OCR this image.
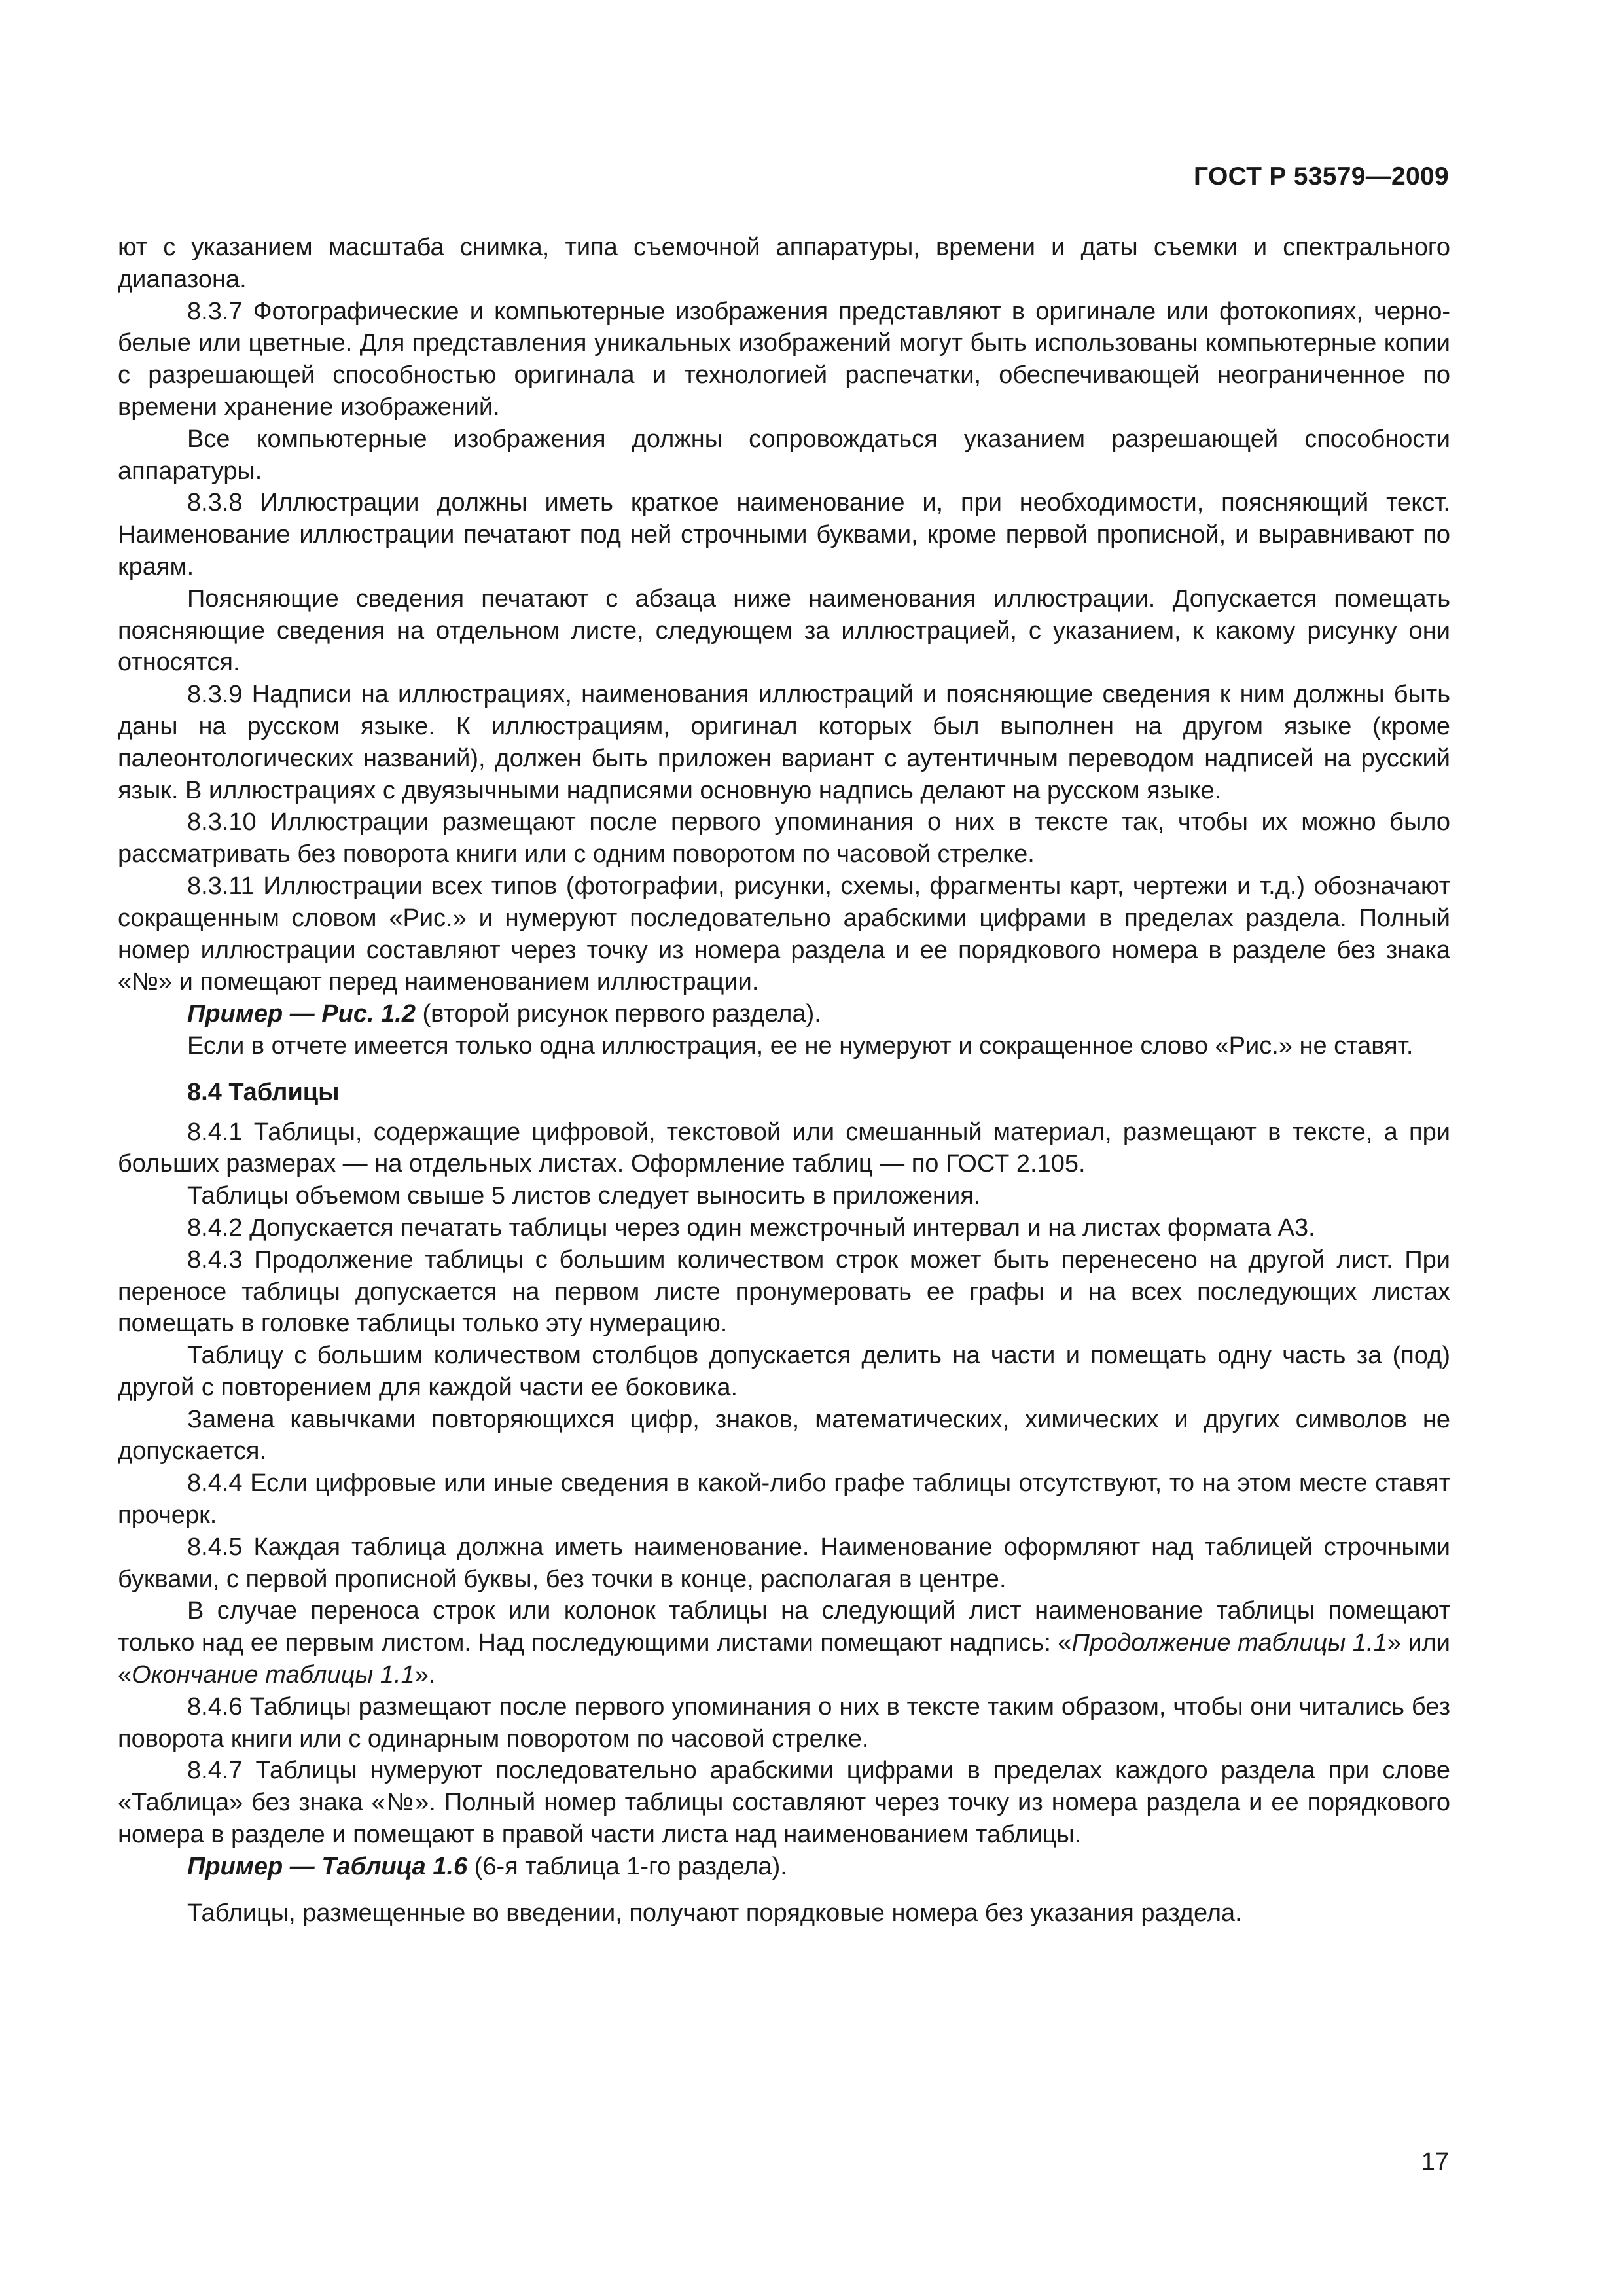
ГОСТ Р 53579—2009

ют с указанием масштаба снимка, типа съемочной аппаратуры, времени и даты съемки и спектрального диапазона.

8.3.7 Фотографические и компьютерные изображения представляют в оригинале или фотокопиях, черно-белые или цветные. Для представления уникальных изображений могут быть использованы компьютерные копии с разрешающей способностью оригинала и технологией распечатки, обеспечивающей неограниченное по времени хранение изображений.

Все компьютерные изображения должны сопровождаться указанием разрешающей способности аппаратуры.

8.3.8 Иллюстрации должны иметь краткое наименование и, при необходимости, поясняющий текст. Наименование иллюстрации печатают под ней строчными буквами, кроме первой прописной, и выравнивают по краям.

Поясняющие сведения печатают с абзаца ниже наименования иллюстрации. Допускается помещать поясняющие сведения на отдельном листе, следующем за иллюстрацией, с указанием, к какому рисунку они относятся.

8.3.9 Надписи на иллюстрациях, наименования иллюстраций и поясняющие сведения к ним должны быть даны на русском языке. К иллюстрациям, оригинал которых был выполнен на другом языке (кроме палеонтологических названий), должен быть приложен вариант с аутентичным переводом надписей на русский язык. В иллюстрациях с двуязычными надписями основную надпись делают на русском языке.

8.3.10 Иллюстрации размещают после первого упоминания о них в тексте так, чтобы их можно было рассматривать без поворота книги или с одним поворотом по часовой стрелке.

8.3.11 Иллюстрации всех типов (фотографии, рисунки, схемы, фрагменты карт, чертежи и т.д.) обозначают сокращенным словом «Рис.» и нумеруют последовательно арабскими цифрами в пределах раздела. Полный номер иллюстрации составляют через точку из номера раздела и ее порядкового номера в разделе без знака «№» и помещают перед наименованием иллюстрации.

Пример — Рис. 1.2 (второй рисунок первого раздела).

Если в отчете имеется только одна иллюстрация, ее не нумеруют и сокращенное слово «Рис.» не ставят.

8.4 Таблицы

8.4.1 Таблицы, содержащие цифровой, текстовой или смешанный материал, размещают в тексте, а при больших размерах — на отдельных листах. Оформление таблиц — по ГОСТ 2.105.

Таблицы объемом свыше 5 листов следует выносить в приложения.

8.4.2 Допускается печатать таблицы через один межстрочный интервал и на листах формата А3.

8.4.3 Продолжение таблицы с большим количеством строк может быть перенесено на другой лист. При переносе таблицы допускается на первом листе пронумеровать ее графы и на всех последующих листах помещать в головке таблицы только эту нумерацию.

Таблицу с большим количеством столбцов допускается делить на части и помещать одну часть за (под) другой с повторением для каждой части ее боковика.

Замена кавычками повторяющихся цифр, знаков, математических, химических и других символов не допускается.

8.4.4 Если цифровые или иные сведения в какой-либо графе таблицы отсутствуют, то на этом месте ставят прочерк.

8.4.5 Каждая таблица должна иметь наименование. Наименование оформляют над таблицей строчными буквами, с первой прописной буквы, без точки в конце, располагая в центре.

В случае переноса строк или колонок таблицы на следующий лист наименование таблицы помещают только над ее первым листом. Над последующими листами помещают надпись: «Продолжение таблицы 1.1» или «Окончание таблицы 1.1».

8.4.6 Таблицы размещают после первого упоминания о них в тексте таким образом, чтобы они читались без поворота книги или с одинарным поворотом по часовой стрелке.

8.4.7 Таблицы нумеруют последовательно арабскими цифрами в пределах каждого раздела при слове «Таблица» без знака «№». Полный номер таблицы составляют через точку из номера раздела и ее порядкового номера в разделе и помещают в правой части листа над наименованием таблицы.

Пример — Таблица 1.6 (6-я таблица 1-го раздела).

Таблицы, размещенные во введении, получают порядковые номера без указания раздела.

17
